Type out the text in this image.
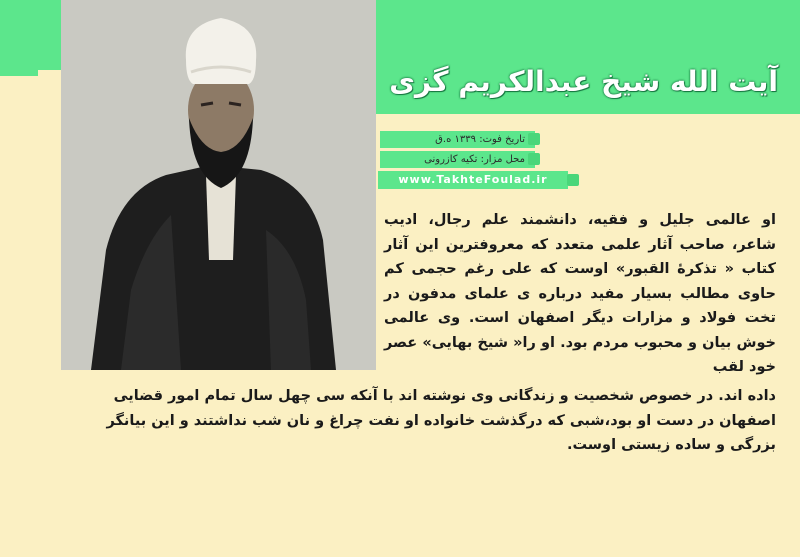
آیت الله شیخ عبدالکریم گزی
تاریخ فوت: ۱۳۳۹ ه.ق
محل مزار: تکیه کازرونی
www.TakhteFoulad.ir
او عالمی جلیل و فقیه، دانشمند علم رجال، ادیب شاعر، صاحب آثار علمی متعدد که معروفترین این آثار کتاب « تذکرهٔ القبور» اوست که علی رغم حجمی کم حاوی مطالب بسیار مفید درباره ی علمای مدفون در تخت فولاد و مزارات دیگر اصفهان است. وی عالمی خوش بیان و محبوب مردم بود. او را« شیخ بهایی» عصر خود لقب
داده اند. در خصوص شخصیت و زندگانی وی نوشته اند با آنکه سی چهل سال تمام امور قضایی اصفهان در دست او بود،شبی که درگذشت خانواده او نفت چراغ و نان شب نداشتند و این بیانگر بزرگی و ساده زیستی اوست.
